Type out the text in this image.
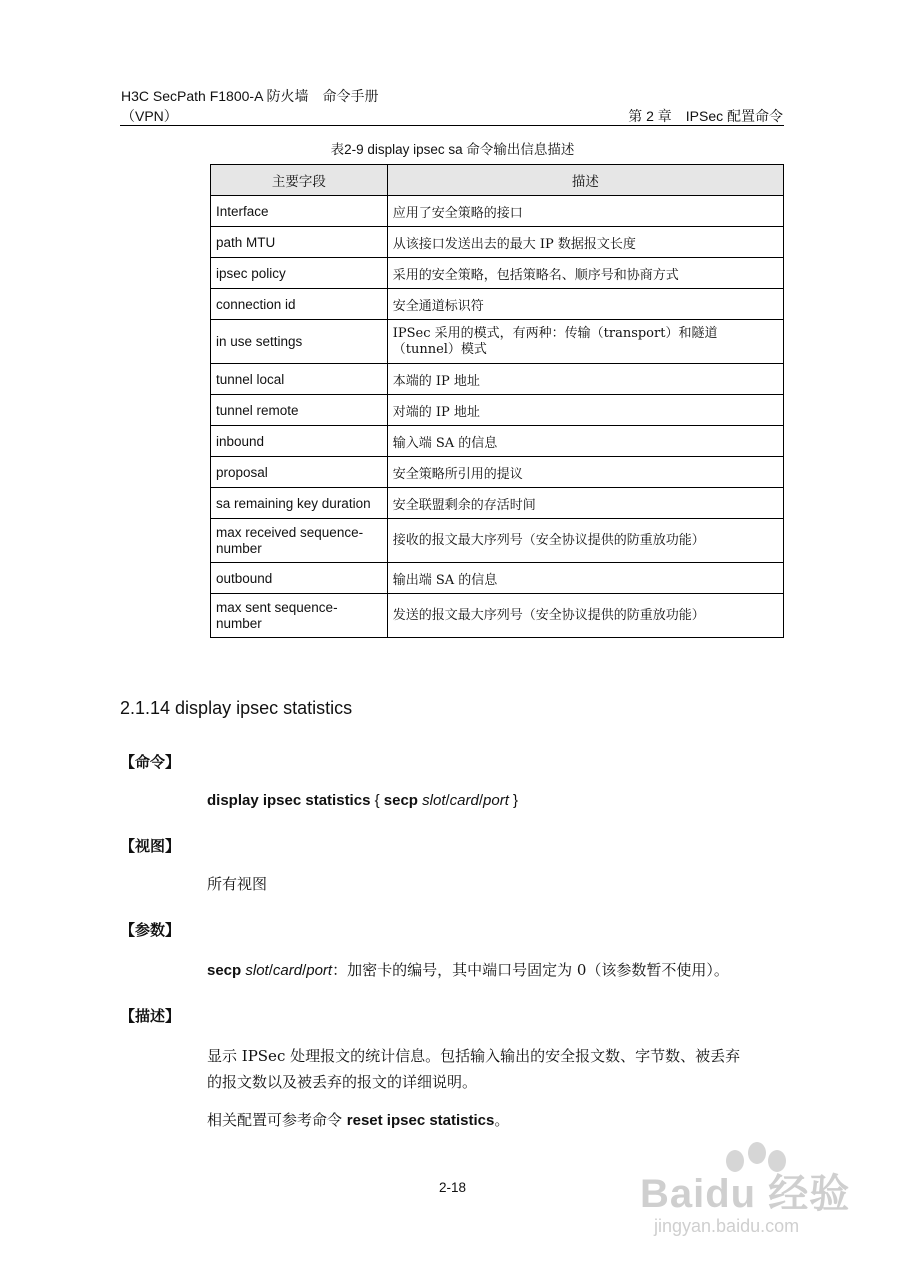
H3C SecPath F1800-A 防火墙　命令手册
（VPN）	第 2 章　IPSec 配置命令
表2-9 display ipsec sa 命令输出信息描述
主要字段	描述
Interface	应用了安全策略的接口
path MTU	从该接口发送出去的最大 IP 数据报文长度
ipsec policy	采用的安全策略，包括策略名、顺序号和协商方式
connection id	安全通道标识符
in use settings	IPSec 采用的模式，有两种：传输（transport）和隧道（tunnel）模式
tunnel local	本端的 IP 地址
tunnel remote	对端的 IP 地址
inbound	输入端 SA 的信息
proposal	安全策略所引用的提议
sa remaining key duration	安全联盟剩余的存活时间
max received sequence-number	接收的报文最大序列号（安全协议提供的防重放功能）
outbound	输出端 SA 的信息
max sent sequence-number	发送的报文最大序列号（安全协议提供的防重放功能）
2.1.14 display ipsec statistics
【命令】
display ipsec statistics { secp slot/card/port }
【视图】
所有视图
【参数】
secp slot/card/port：加密卡的编号，其中端口号固定为 0（该参数暂不使用）。
【描述】
显示 IPSec 处理报文的统计信息。包括输入输出的安全报文数、字节数、被丢弃
的报文数以及被丢弃的报文的详细说明。
相关配置可参考命令 reset ipsec statistics。
2-18	Baidu 经验
jingyan.baidu.com
